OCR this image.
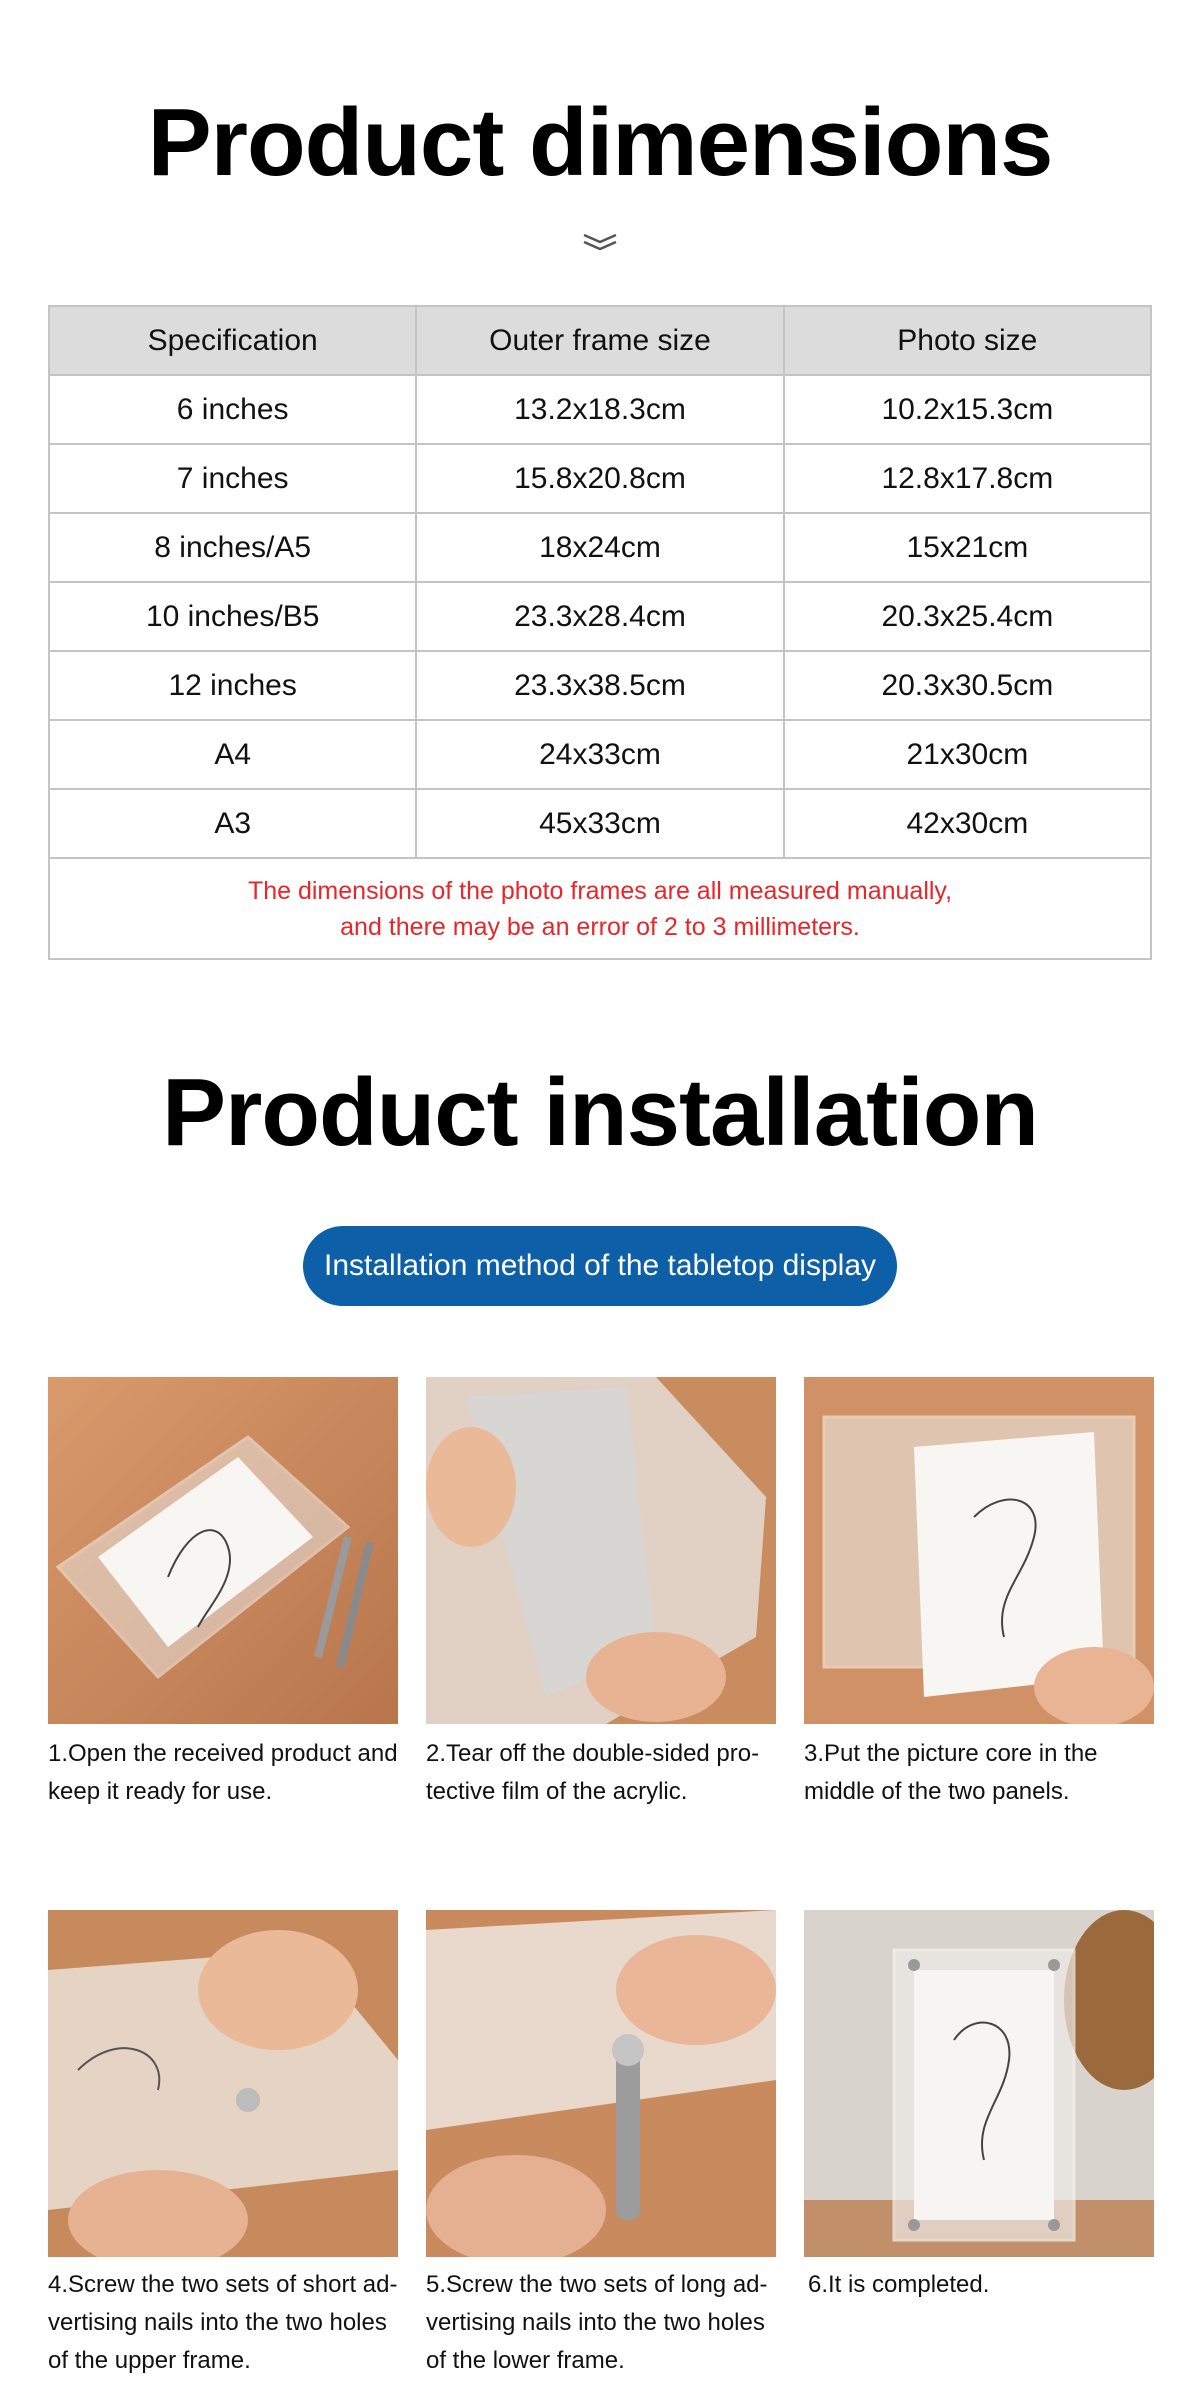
Product dimensions
Specification	Outer frame size	Photo size
6 inches	13.2x18.3cm	10.2x15.3cm
7 inches	15.8x20.8cm	12.8x17.8cm
8 inches/A5	18x24cm	15x21cm
10 inches/B5	23.3x28.4cm	20.3x25.4cm
12 inches	23.3x38.5cm	20.3x30.5cm
A4	24x33cm	21x30cm
A3	45x33cm	42x30cm
The dimensions of the photo frames are all measured manually,
and there may be an error of 2 to 3 millimeters.		
Product installation
Installation method of the tabletop display
1.Open the received product and keep it ready for use.
2.Tear off the double-sided pro-tective film of the acrylic.
3.Put the picture core in the middle of the two panels.
4.Screw the two sets of short ad-vertising nails into the two holes of the upper frame.
5.Screw the two sets of long ad-vertising nails into the two holes of the lower frame.
6.It is completed.
